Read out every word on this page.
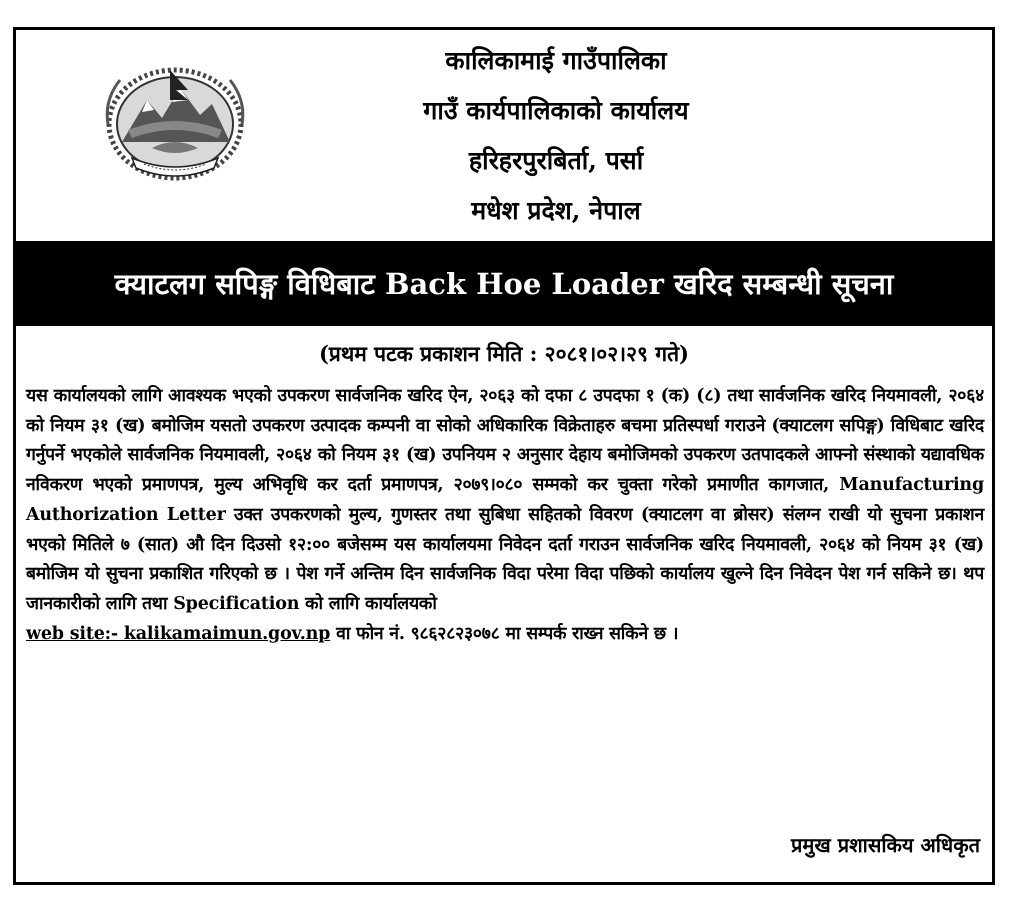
कालिकामाई गाउँपालिका
गाउँ कार्यपालिकाको कार्यालय
हरिहरपुरबिर्ता, पर्सा
मधेश प्रदेश, नेपाल
क्याटलग सपिङ्ग विधिबाट Back Hoe Loader खरिद सम्बन्धी सूचना
(प्रथम पटक प्रकाशन मिति : २०८१।०२।२९ गते)
यस कार्यालयको लागि आवश्यक भएको उपकरण सार्वजनिक खरिद ऐन, २०६३ को दफा ८ उपदफा १ (क) (८) तथा सार्वजनिक खरिद नियमावली, २०६४ को नियम ३१ (ख) बमोजिम यसतो उपकरण उत्पादक कम्पनी वा सोको अधिकारिक विक्रेताहरु बचमा प्रतिस्पर्धा गराउने (क्याटलग सपिङ्ग) विधिबाट खरिद गर्नुपर्ने भएकोले सार्वजनिक नियमावली, २०६४ को नियम ३१ (ख) उपनियम २ अनुसार देहाय बमोजिमको उपकरण उतपादकले आफ्नो संस्थाको यद्यावधिक नविकरण भएको प्रमाणपत्र, मुल्य अभिवृधि कर दर्ता प्रमाणपत्र, २०७९।०८० सम्मको कर चुक्ता गरेको प्रमाणीत कागजात, Manufacturing Authorization Letter उक्त उपकरणको मुल्य, गुणस्तर तथा सुबिधा सहितको विवरण (क्याटलग वा ब्रोसर) संलग्न राखी यो सुचना प्रकाशन भएको मितिले ७ (सात) औ दिन दिउसो १२:०० बजेसम्म यस कार्यालयमा निवेदन दर्ता गराउन सार्वजनिक खरिद नियमावली, २०६४ को नियम ३१ (ख) बमोजिम यो सुचना प्रकाशित गरिएको छ । पेश गर्ने अन्तिम दिन सार्वजनिक विदा परेमा विदा पछिको कार्यालय खुल्ने दिन निवेदन पेश गर्न सकिने छ। थप जानकारीको लागि तथा Specification को लागि कार्यालयको
web site:- kalikamaimun.gov.np वा फोन नं. ९८६२८२३०७८ मा सम्पर्क राख्न सकिने छ ।
प्रमुख प्रशासकिय अधिकृत
